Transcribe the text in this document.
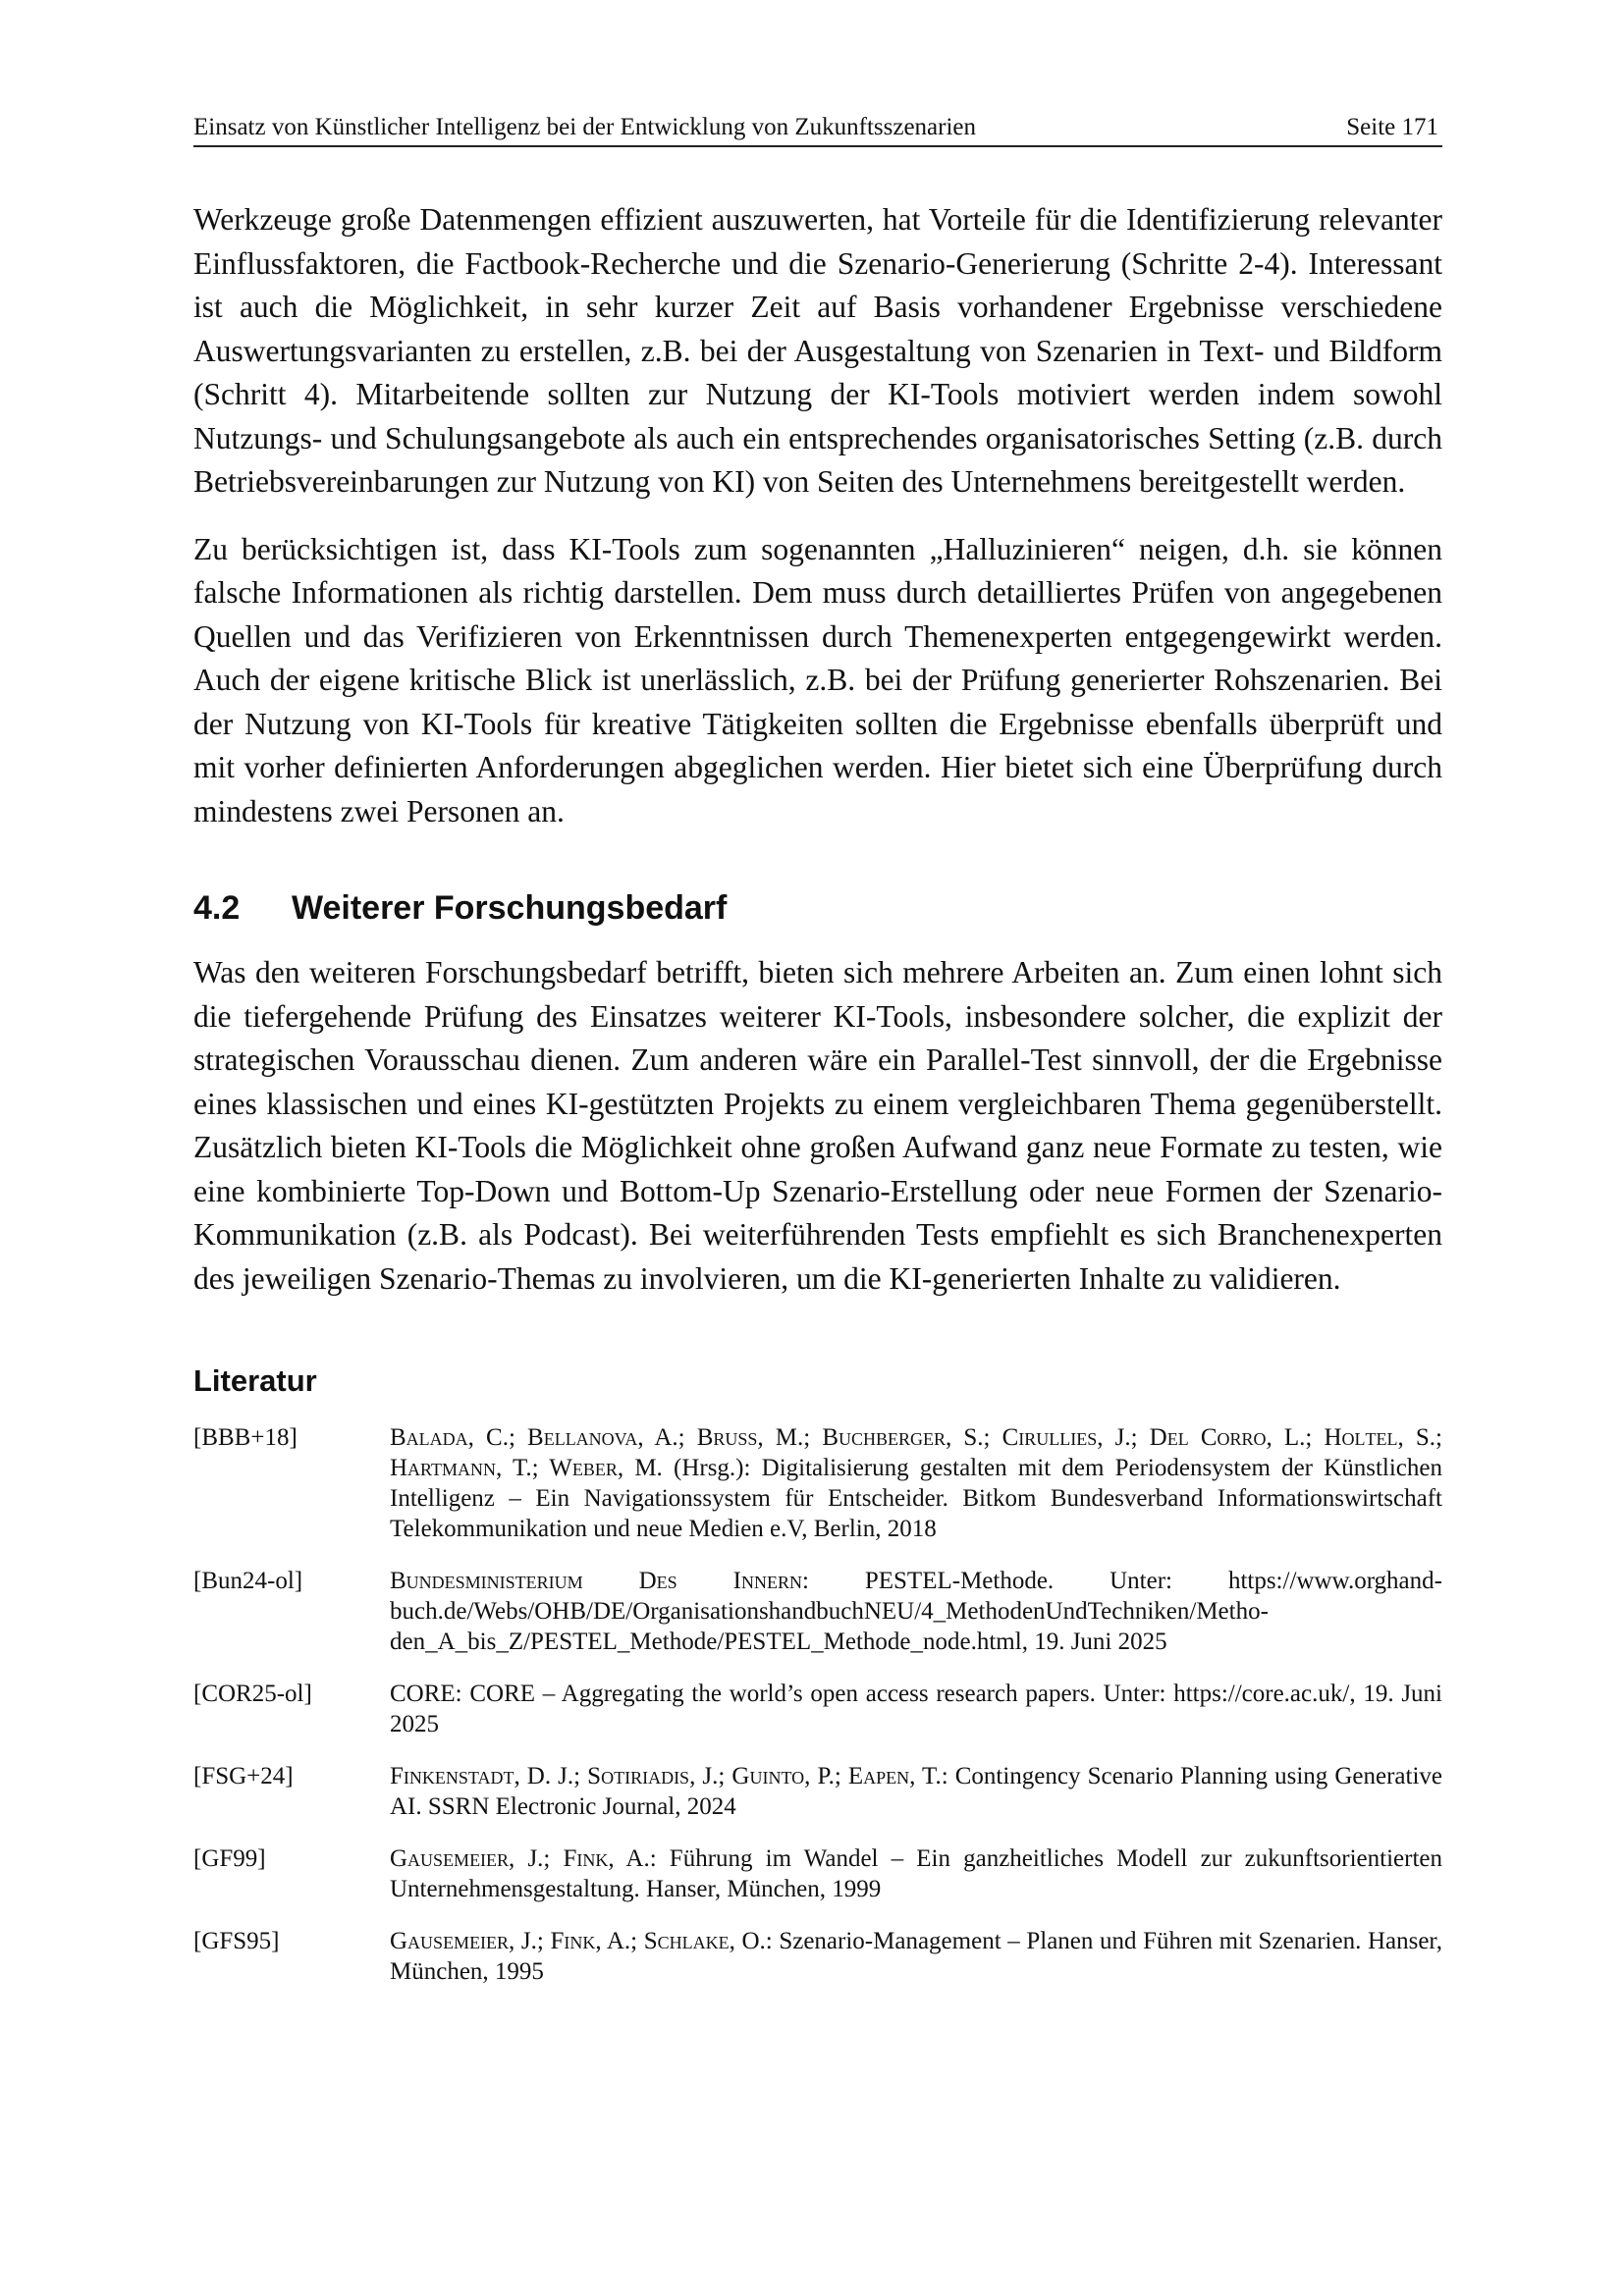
Einsatz von Künstlicher Intelligenz bei der Entwicklung von Zukunftsszenarien	Seite 171

Werkzeuge große Datenmengen effizient auszuwerten, hat Vorteile für die Identifizierung relevanter Einflussfaktoren, die Factbook-Recherche und die Szenario-Generierung (Schritte 2-4). Interessant ist auch die Möglichkeit, in sehr kurzer Zeit auf Basis vorhandener Ergebnisse verschiedene Auswertungsvarianten zu erstellen, z.B. bei der Ausgestaltung von Szenarien in Text- und Bildform (Schritt 4). Mitarbeitende sollten zur Nutzung der KI-Tools motiviert werden indem sowohl Nutzungs- und Schulungsangebote als auch ein entsprechendes organisatorisches Setting (z.B. durch Betriebsvereinbarungen zur Nutzung von KI) von Seiten des Unternehmens bereitgestellt werden.

Zu berücksichtigen ist, dass KI-Tools zum sogenannten „Halluzinieren“ neigen, d.h. sie können falsche Informationen als richtig darstellen. Dem muss durch detailliertes Prüfen von angegebenen Quellen und das Verifizieren von Erkenntnissen durch Themenexperten entgegengewirkt werden. Auch der eigene kritische Blick ist unerlässlich, z.B. bei der Prüfung generierter Rohszenarien. Bei der Nutzung von KI-Tools für kreative Tätigkeiten sollten die Ergebnisse ebenfalls überprüft und mit vorher definierten Anforderungen abgeglichen werden. Hier bietet sich eine Überprüfung durch mindestens zwei Personen an.

4.2 Weiterer Forschungsbedarf

Was den weiteren Forschungsbedarf betrifft, bieten sich mehrere Arbeiten an. Zum einen lohnt sich die tiefergehende Prüfung des Einsatzes weiterer KI-Tools, insbesondere solcher, die explizit der strategischen Vorausschau dienen. Zum anderen wäre ein Parallel-Test sinnvoll, der die Ergebnisse eines klassischen und eines KI-gestützten Projekts zu einem vergleichbaren Thema gegenüberstellt. Zusätzlich bieten KI-Tools die Möglichkeit ohne großen Aufwand ganz neue Formate zu testen, wie eine kombinierte Top-Down und Bottom-Up Szenario-Erstellung oder neue Formen der Szenario-Kommunikation (z.B. als Podcast). Bei weiterführenden Tests empfiehlt es sich Branchenexperten des jeweiligen Szenario-Themas zu involvieren, um die KI-generierten Inhalte zu validieren.

Literatur
[BBB+18]	Balada, C.; Bellanova, A.; Bruss, M.; Buchberger, S.; Cirullies, J.; Del Corro, L.; Holtel, S.; Hartmann, T.; Weber, M. (Hrsg.): Digitalisierung gestalten mit dem Periodensystem der Künstlichen Intelligenz – Ein Navigationssystem für Entscheider. Bitkom Bundesverband Informationswirtschaft Telekommunikation und neue Medien e.V, Berlin, 2018
[Bun24-ol]	Bundesministerium Des Innern: PESTEL-Methode. Unter: https://www.orghandbuch.de/Webs/OHB/DE/OrganisationshandbuchNEU/4_MethodenUndTechniken/Methoden_A_bis_Z/PESTEL_Methode/PESTEL_Methode_node.html, 19. Juni 2025
[COR25-ol]	CORE: CORE – Aggregating the world’s open access research papers. Unter: https://core.ac.uk/, 19. Juni 2025
[FSG+24]	Finkenstadt, D. J.; Sotiriadis, J.; Guinto, P.; Eapen, T.: Contingency Scenario Planning using Generative AI. SSRN Electronic Journal, 2024
[GF99]	Gausemeier, J.; Fink, A.: Führung im Wandel – Ein ganzheitliches Modell zur zukunftsorientierten Unternehmensgestaltung. Hanser, München, 1999
[GFS95]	Gausemeier, J.; Fink, A.; Schlake, O.: Szenario-Management – Planen und Führen mit Szenarien. Hanser, München, 1995
